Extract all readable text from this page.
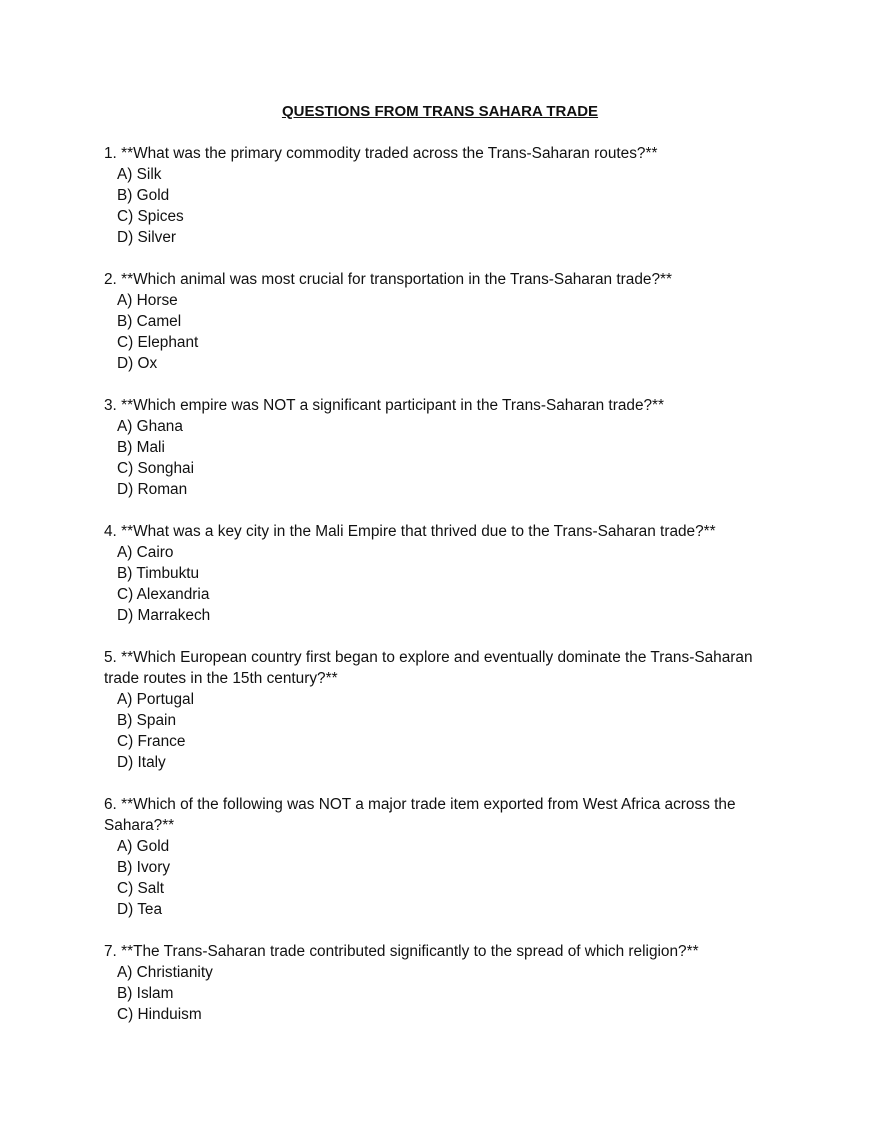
QUESTIONS FROM TRANS SAHARA TRADE
1. **What was the primary commodity traded across the Trans-Saharan routes?**
A) Silk
B) Gold
C) Spices
D) Silver
2. **Which animal was most crucial for transportation in the Trans-Saharan trade?**
A) Horse
B) Camel
C) Elephant
D) Ox
3. **Which empire was NOT a significant participant in the Trans-Saharan trade?**
A) Ghana
B) Mali
C) Songhai
D) Roman
4. **What was a key city in the Mali Empire that thrived due to the Trans-Saharan trade?**
A) Cairo
B) Timbuktu
C) Alexandria
D) Marrakech
5. **Which European country first began to explore and eventually dominate the Trans-Saharan trade routes in the 15th century?**
A) Portugal
B) Spain
C) France
D) Italy
6. **Which of the following was NOT a major trade item exported from West Africa across the Sahara?**
A) Gold
B) Ivory
C) Salt
D) Tea
7. **The Trans-Saharan trade contributed significantly to the spread of which religion?**
A) Christianity
B) Islam
C) Hinduism
